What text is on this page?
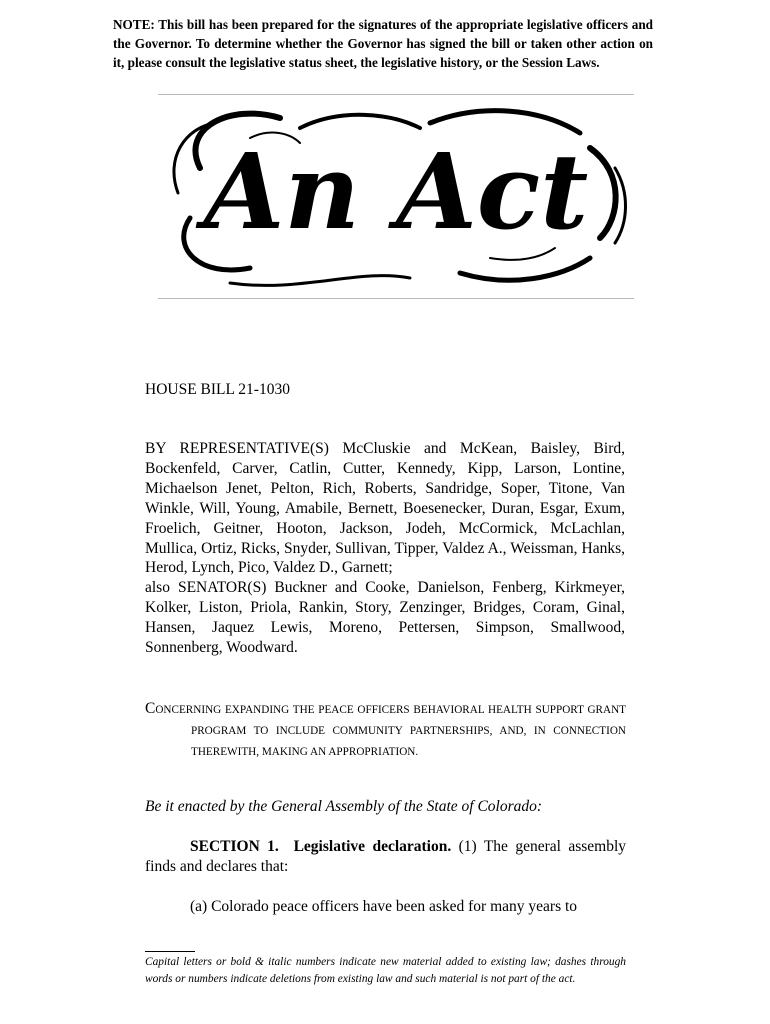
NOTE: This bill has been prepared for the signatures of the appropriate legislative officers and the Governor. To determine whether the Governor has signed the bill or taken other action on it, please consult the legislative status sheet, the legislative history, or the Session Laws.
An Act
HOUSE BILL 21-1030

BY REPRESENTATIVE(S) McCluskie and McKean, Baisley, Bird, Bockenfeld, Carver, Catlin, Cutter, Kennedy, Kipp, Larson, Lontine, Michaelson Jenet, Pelton, Rich, Roberts, Sandridge, Soper, Titone, Van Winkle, Will, Young, Amabile, Bernett, Boesenecker, Duran, Esgar, Exum, Froelich, Geitner, Hooton, Jackson, Jodeh, McCormick, McLachlan, Mullica, Ortiz, Ricks, Snyder, Sullivan, Tipper, Valdez A., Weissman, Hanks, Herod, Lynch, Pico, Valdez D., Garnett;

also SENATOR(S) Buckner and Cooke, Danielson, Fenberg, Kirkmeyer, Kolker, Liston, Priola, Rankin, Story, Zenzinger, Bridges, Coram, Ginal, Hansen, Jaquez Lewis, Moreno, Pettersen, Simpson, Smallwood, Sonnenberg, Woodward.

CONCERNING EXPANDING THE PEACE OFFICERS BEHAVIORAL HEALTH SUPPORT GRANT PROGRAM TO INCLUDE COMMUNITY PARTNERSHIPS, AND, IN CONNECTION THEREWITH, MAKING AN APPROPRIATION.
Be it enacted by the General Assembly of the State of Colorado:
SECTION 1. Legislative declaration. (1) The general assembly finds and declares that:
(a) Colorado peace officers have been asked for many years to
Capital letters or bold & italic numbers indicate new material added to existing law; dashes through words or numbers indicate deletions from existing law and such material is not part of the act.
